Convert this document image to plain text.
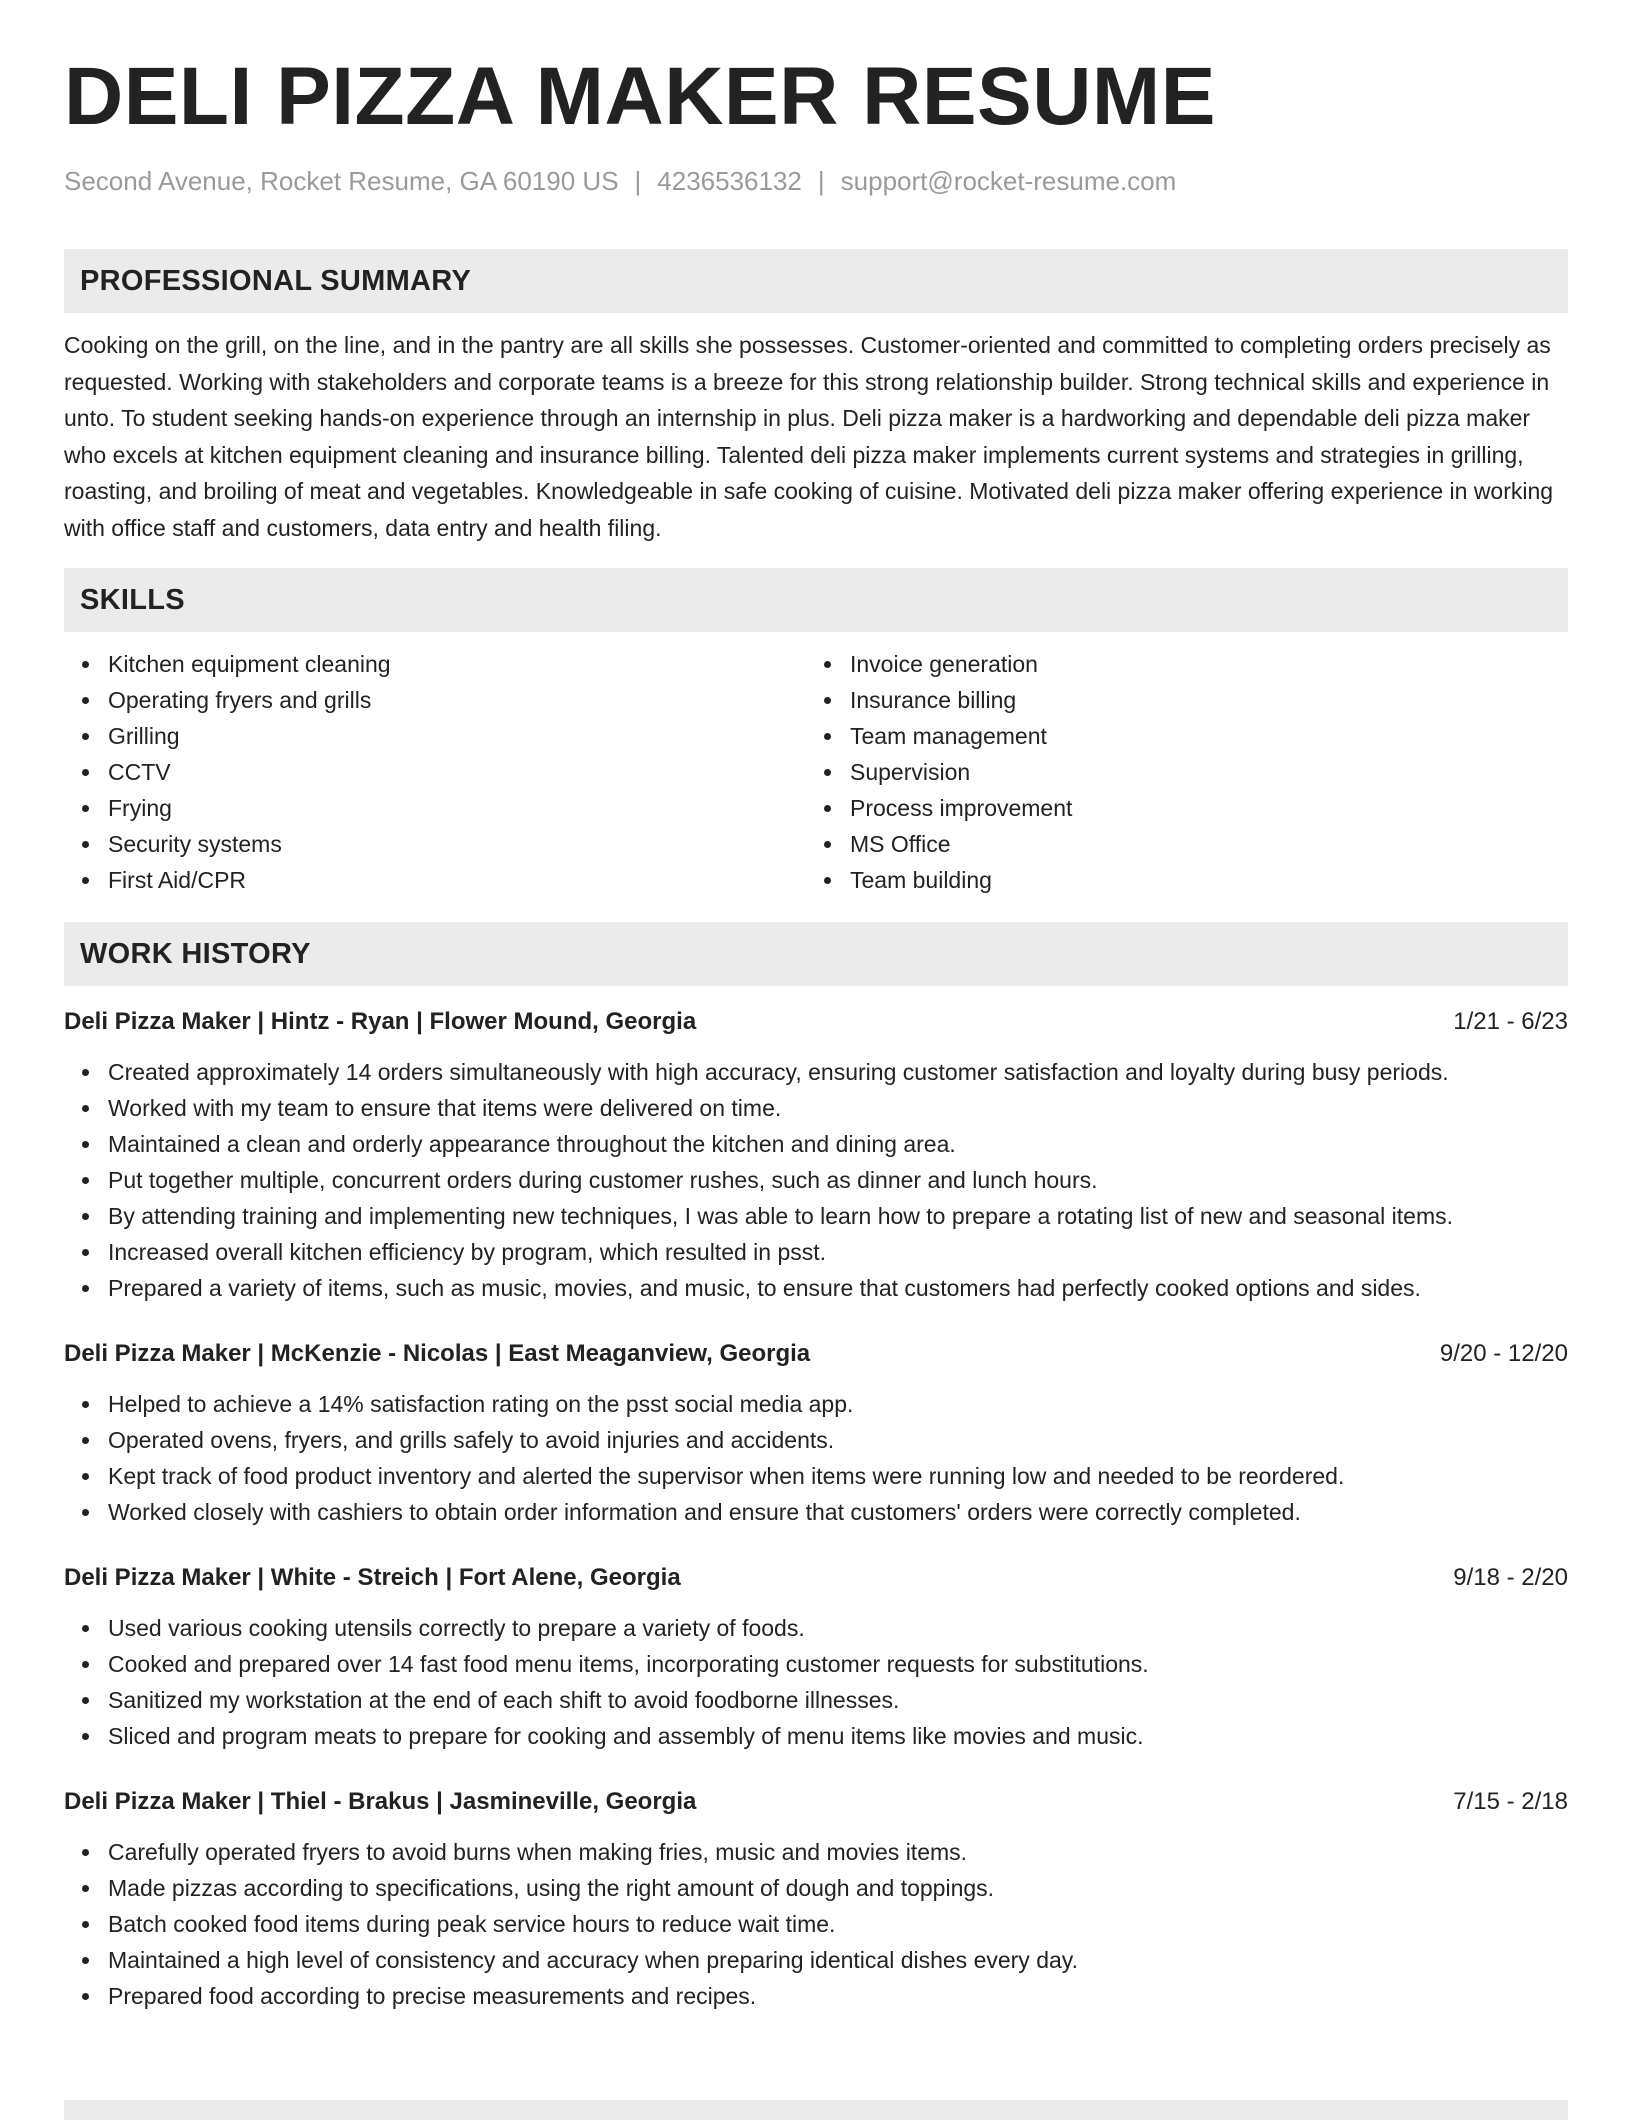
DELI PIZZA MAKER RESUME
Second Avenue, Rocket Resume, GA 60190 US | 4236536132 | support@rocket-resume.com
PROFESSIONAL SUMMARY
Cooking on the grill, on the line, and in the pantry are all skills she possesses. Customer-oriented and committed to completing orders precisely as requested. Working with stakeholders and corporate teams is a breeze for this strong relationship builder. Strong technical skills and experience in unto. To student seeking hands-on experience through an internship in plus. Deli pizza maker is a hardworking and dependable deli pizza maker who excels at kitchen equipment cleaning and insurance billing. Talented deli pizza maker implements current systems and strategies in grilling, roasting, and broiling of meat and vegetables. Knowledgeable in safe cooking of cuisine. Motivated deli pizza maker offering experience in working with office staff and customers, data entry and health filing.
SKILLS
Kitchen equipment cleaning
Operating fryers and grills
Grilling
CCTV
Frying
Security systems
First Aid/CPR
Invoice generation
Insurance billing
Team management
Supervision
Process improvement
MS Office
Team building
WORK HISTORY
Deli Pizza Maker | Hintz - Ryan | Flower Mound, Georgia	1/21 - 6/23
Created approximately 14 orders simultaneously with high accuracy, ensuring customer satisfaction and loyalty during busy periods.
Worked with my team to ensure that items were delivered on time.
Maintained a clean and orderly appearance throughout the kitchen and dining area.
Put together multiple, concurrent orders during customer rushes, such as dinner and lunch hours.
By attending training and implementing new techniques, I was able to learn how to prepare a rotating list of new and seasonal items.
Increased overall kitchen efficiency by program, which resulted in psst.
Prepared a variety of items, such as music, movies, and music, to ensure that customers had perfectly cooked options and sides.
Deli Pizza Maker | McKenzie - Nicolas | East Meaganview, Georgia	9/20 - 12/20
Helped to achieve a 14% satisfaction rating on the psst social media app.
Operated ovens, fryers, and grills safely to avoid injuries and accidents.
Kept track of food product inventory and alerted the supervisor when items were running low and needed to be reordered.
Worked closely with cashiers to obtain order information and ensure that customers' orders were correctly completed.
Deli Pizza Maker | White - Streich | Fort Alene, Georgia	9/18 - 2/20
Used various cooking utensils correctly to prepare a variety of foods.
Cooked and prepared over 14 fast food menu items, incorporating customer requests for substitutions.
Sanitized my workstation at the end of each shift to avoid foodborne illnesses.
Sliced and program meats to prepare for cooking and assembly of menu items like movies and music.
Deli Pizza Maker | Thiel - Brakus | Jasmineville, Georgia	7/15 - 2/18
Carefully operated fryers to avoid burns when making fries, music and movies items.
Made pizzas according to specifications, using the right amount of dough and toppings.
Batch cooked food items during peak service hours to reduce wait time.
Maintained a high level of consistency and accuracy when preparing identical dishes every day.
Prepared food according to precise measurements and recipes.
